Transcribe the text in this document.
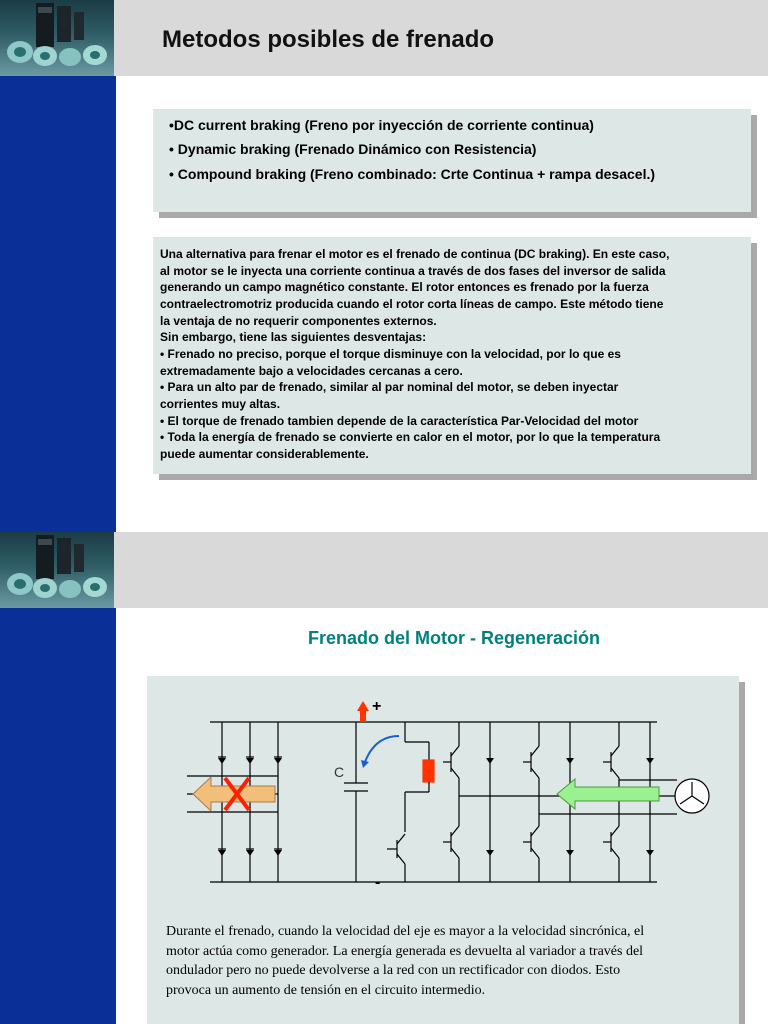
Metodos posibles de frenado
•DC current braking (Freno por inyección de corriente continua)
• Dynamic braking (Frenado Dinámico con Resistencia)
• Compound braking (Freno combinado: Crte Continua + rampa desacel.)
Una alternativa para frenar el motor es el frenado de continua (DC braking). En este caso,
al motor se le inyecta una corriente continua a través de dos fases del inversor de salida
generando un campo magnético constante. El rotor entonces es frenado por la fuerza
contraelectromotriz producida cuando el rotor corta líneas de campo. Este método tiene
la ventaja de no requerir componentes externos.
Sin embargo, tiene las siguientes desventajas:
• Frenado no preciso, porque el torque disminuye con la velocidad, por lo que es
extremadamente bajo a velocidades cercanas a cero.
• Para un alto par de frenado, similar al par nominal del motor, se deben inyectar
corrientes muy altas.
• El torque de frenado tambien depende de la característica Par-Velocidad del motor
• Toda la energía de frenado se convierte en calor en el motor, por lo que la temperatura
puede aumentar considerablemente.
Frenado del Motor - Regeneración
C
+
-
Durante el frenado, cuando la velocidad del eje es mayor a la velocidad sincrónica, el
motor actúa como generador. La energía generada es devuelta al variador a través del
ondulador pero no puede devolverse a la red con un rectificador con diodos. Esto
provoca un aumento de tensión en el circuito intermedio.
